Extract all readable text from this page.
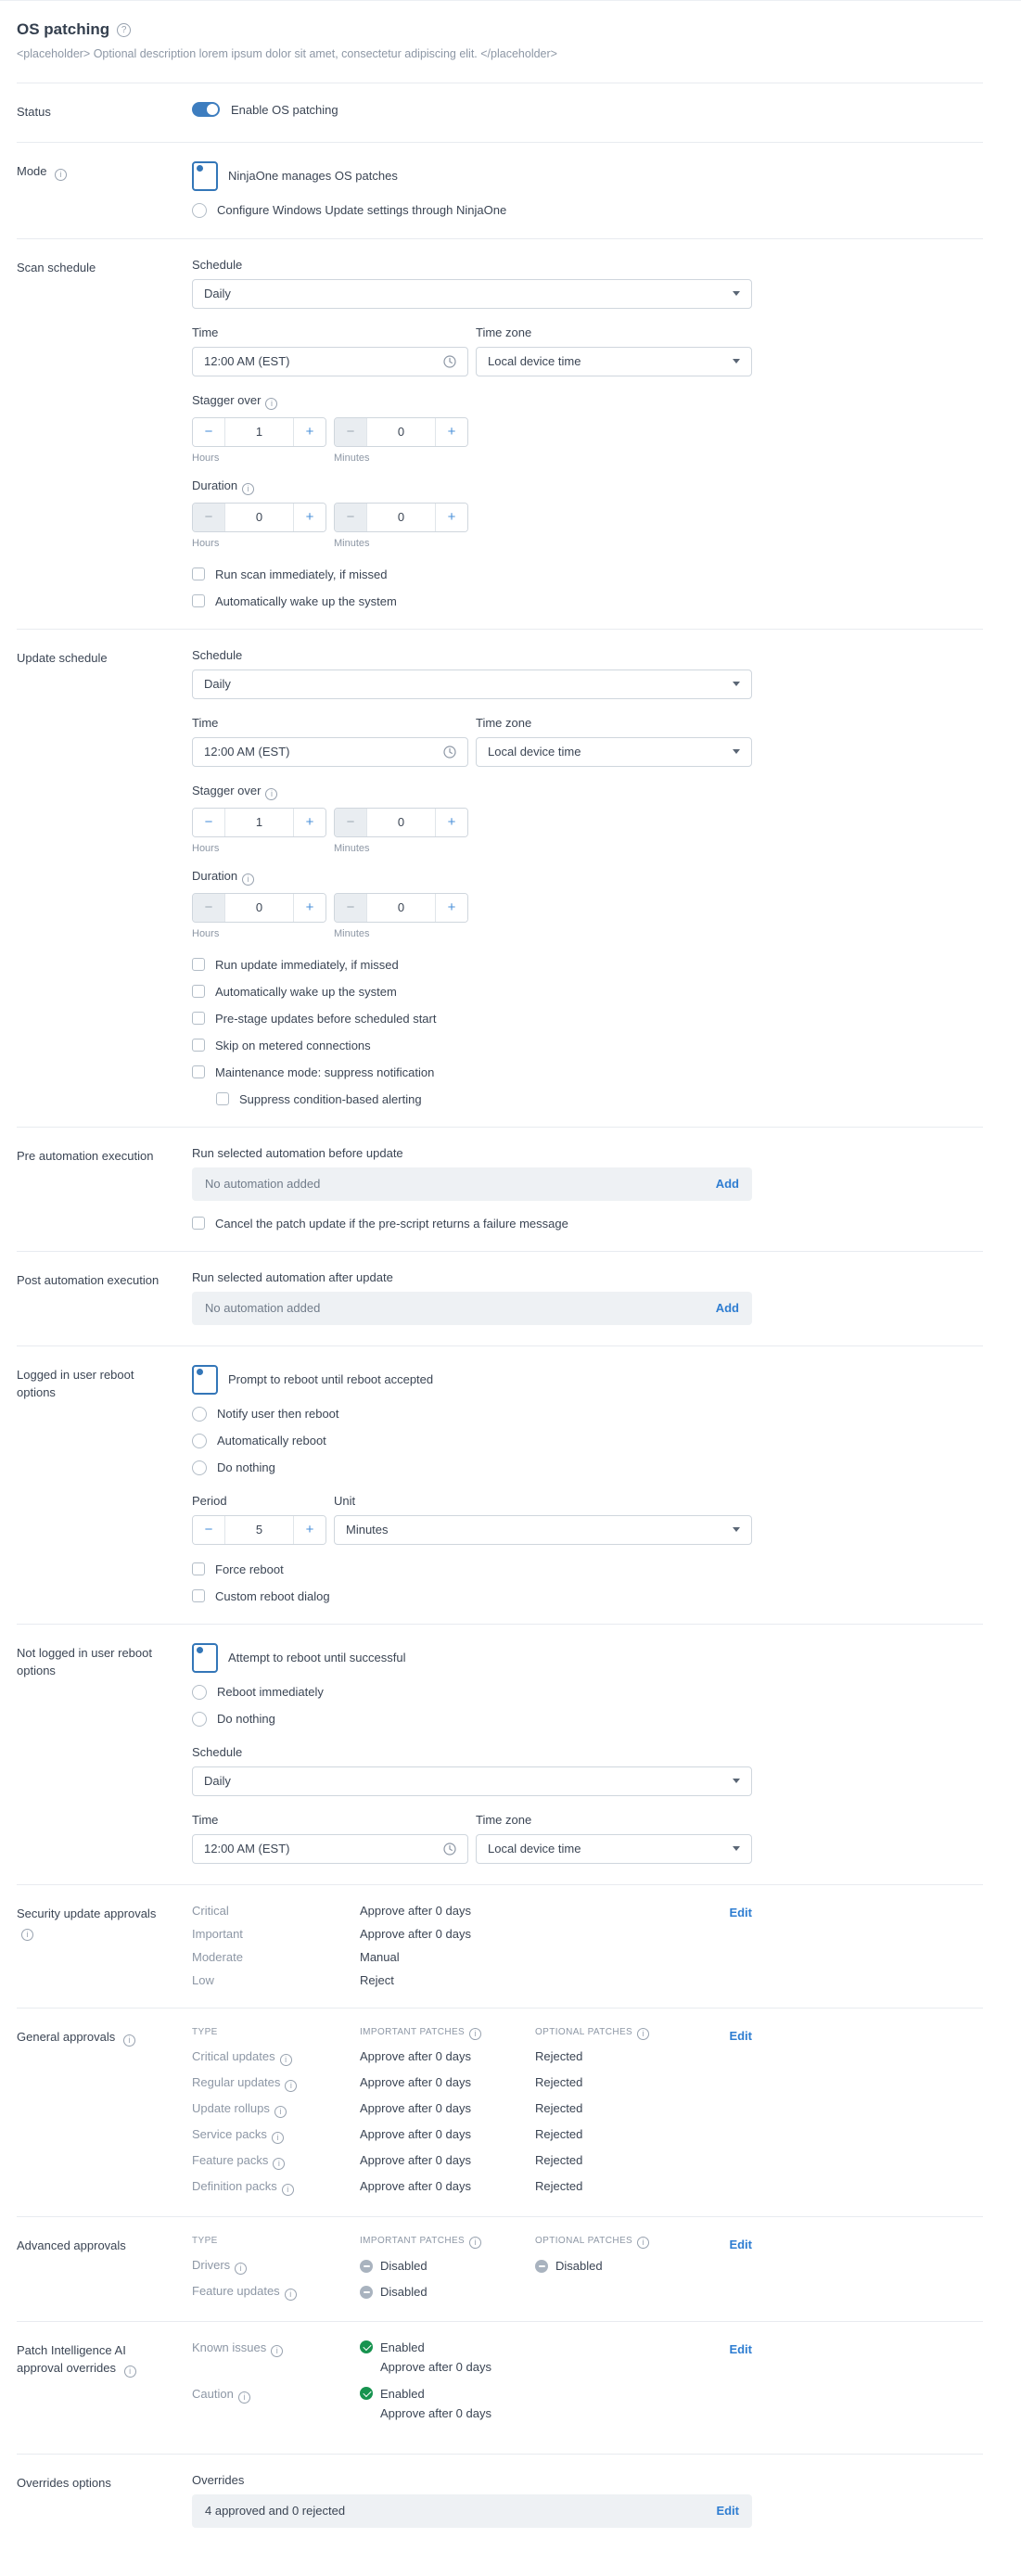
OS patching
?
<placeholder> Optional description lorem ipsum dolor sit amet, consectetur adipiscing elit. </placeholder>
Status	Enable OS patching
Mode i	NinjaOne manages OS patches
Configure Windows Update settings through NinjaOne
Scan schedule	Schedule
Daily
Time
12:00 AM (EST)
Time zone
Local device time
Stagger overi
−
1
+
Hours
−
0
+
Minutes
Durationi
−
0
+
Hours
−
0
+
Minutes
Run scan immediately, if missed
Automatically wake up the system
Update schedule	Schedule
Daily
Time
12:00 AM (EST)
Time zone
Local device time
Stagger overi
−
1
+
Hours
−
0
+
Minutes
Durationi
−
0
+
Hours
−
0
+
Minutes
Run update immediately, if missed
Automatically wake up the system
Pre-stage updates before scheduled start
Skip on metered connections
Maintenance mode: suppress notification
Suppress condition-based alerting
Pre automation execution	Run selected automation before update
No automation added	Add
Cancel the patch update if the pre-script returns a failure message
Post automation execution	Run selected automation after update
No automation added	Add
Logged in user reboot options
Prompt to reboot until reboot accepted
Notify user then reboot
Automatically reboot
Do nothing
Period
−
5
+
Unit
Minutes
Force reboot
Custom reboot dialog
Not logged in user reboot options
Attempt to reboot until successful
Reboot immediately
Do nothing
Schedule
Daily
Time
12:00 AM (EST)
Time zone
Local device time
Security update approvals i	Edit
Critical	Approve after 0 days
Important	Approve after 0 days
Moderate	Manual
Low	Reject
General approvals i	Edit
TYPE	IMPORTANT PATCHES i	OPTIONAL PATCHESi
Critical updates i	Approve after 0 days	Rejected
Regular updates i	Approve after 0 days	Rejected
Update rollups i	Approve after 0 days	Rejected
Service packs i	Approve after 0 days	Rejected
Feature packs i	Approve after 0 days	Rejected
Definition packs i	Approve after 0 days	Rejected
Advanced approvals	Edit
TYPE	IMPORTANT PATCHES i	OPTIONAL PATCHESi
Drivers i	Disabled	Disabled
Feature updates i	Disabled
Patch Intelligence AI approval overrides i
Edit
Known issues i	Enabled
Approve after 0 days
Caution i	Enabled
Approve after 0 days
Overrides options	Overrides
4 approved and 0 rejected	Edit
